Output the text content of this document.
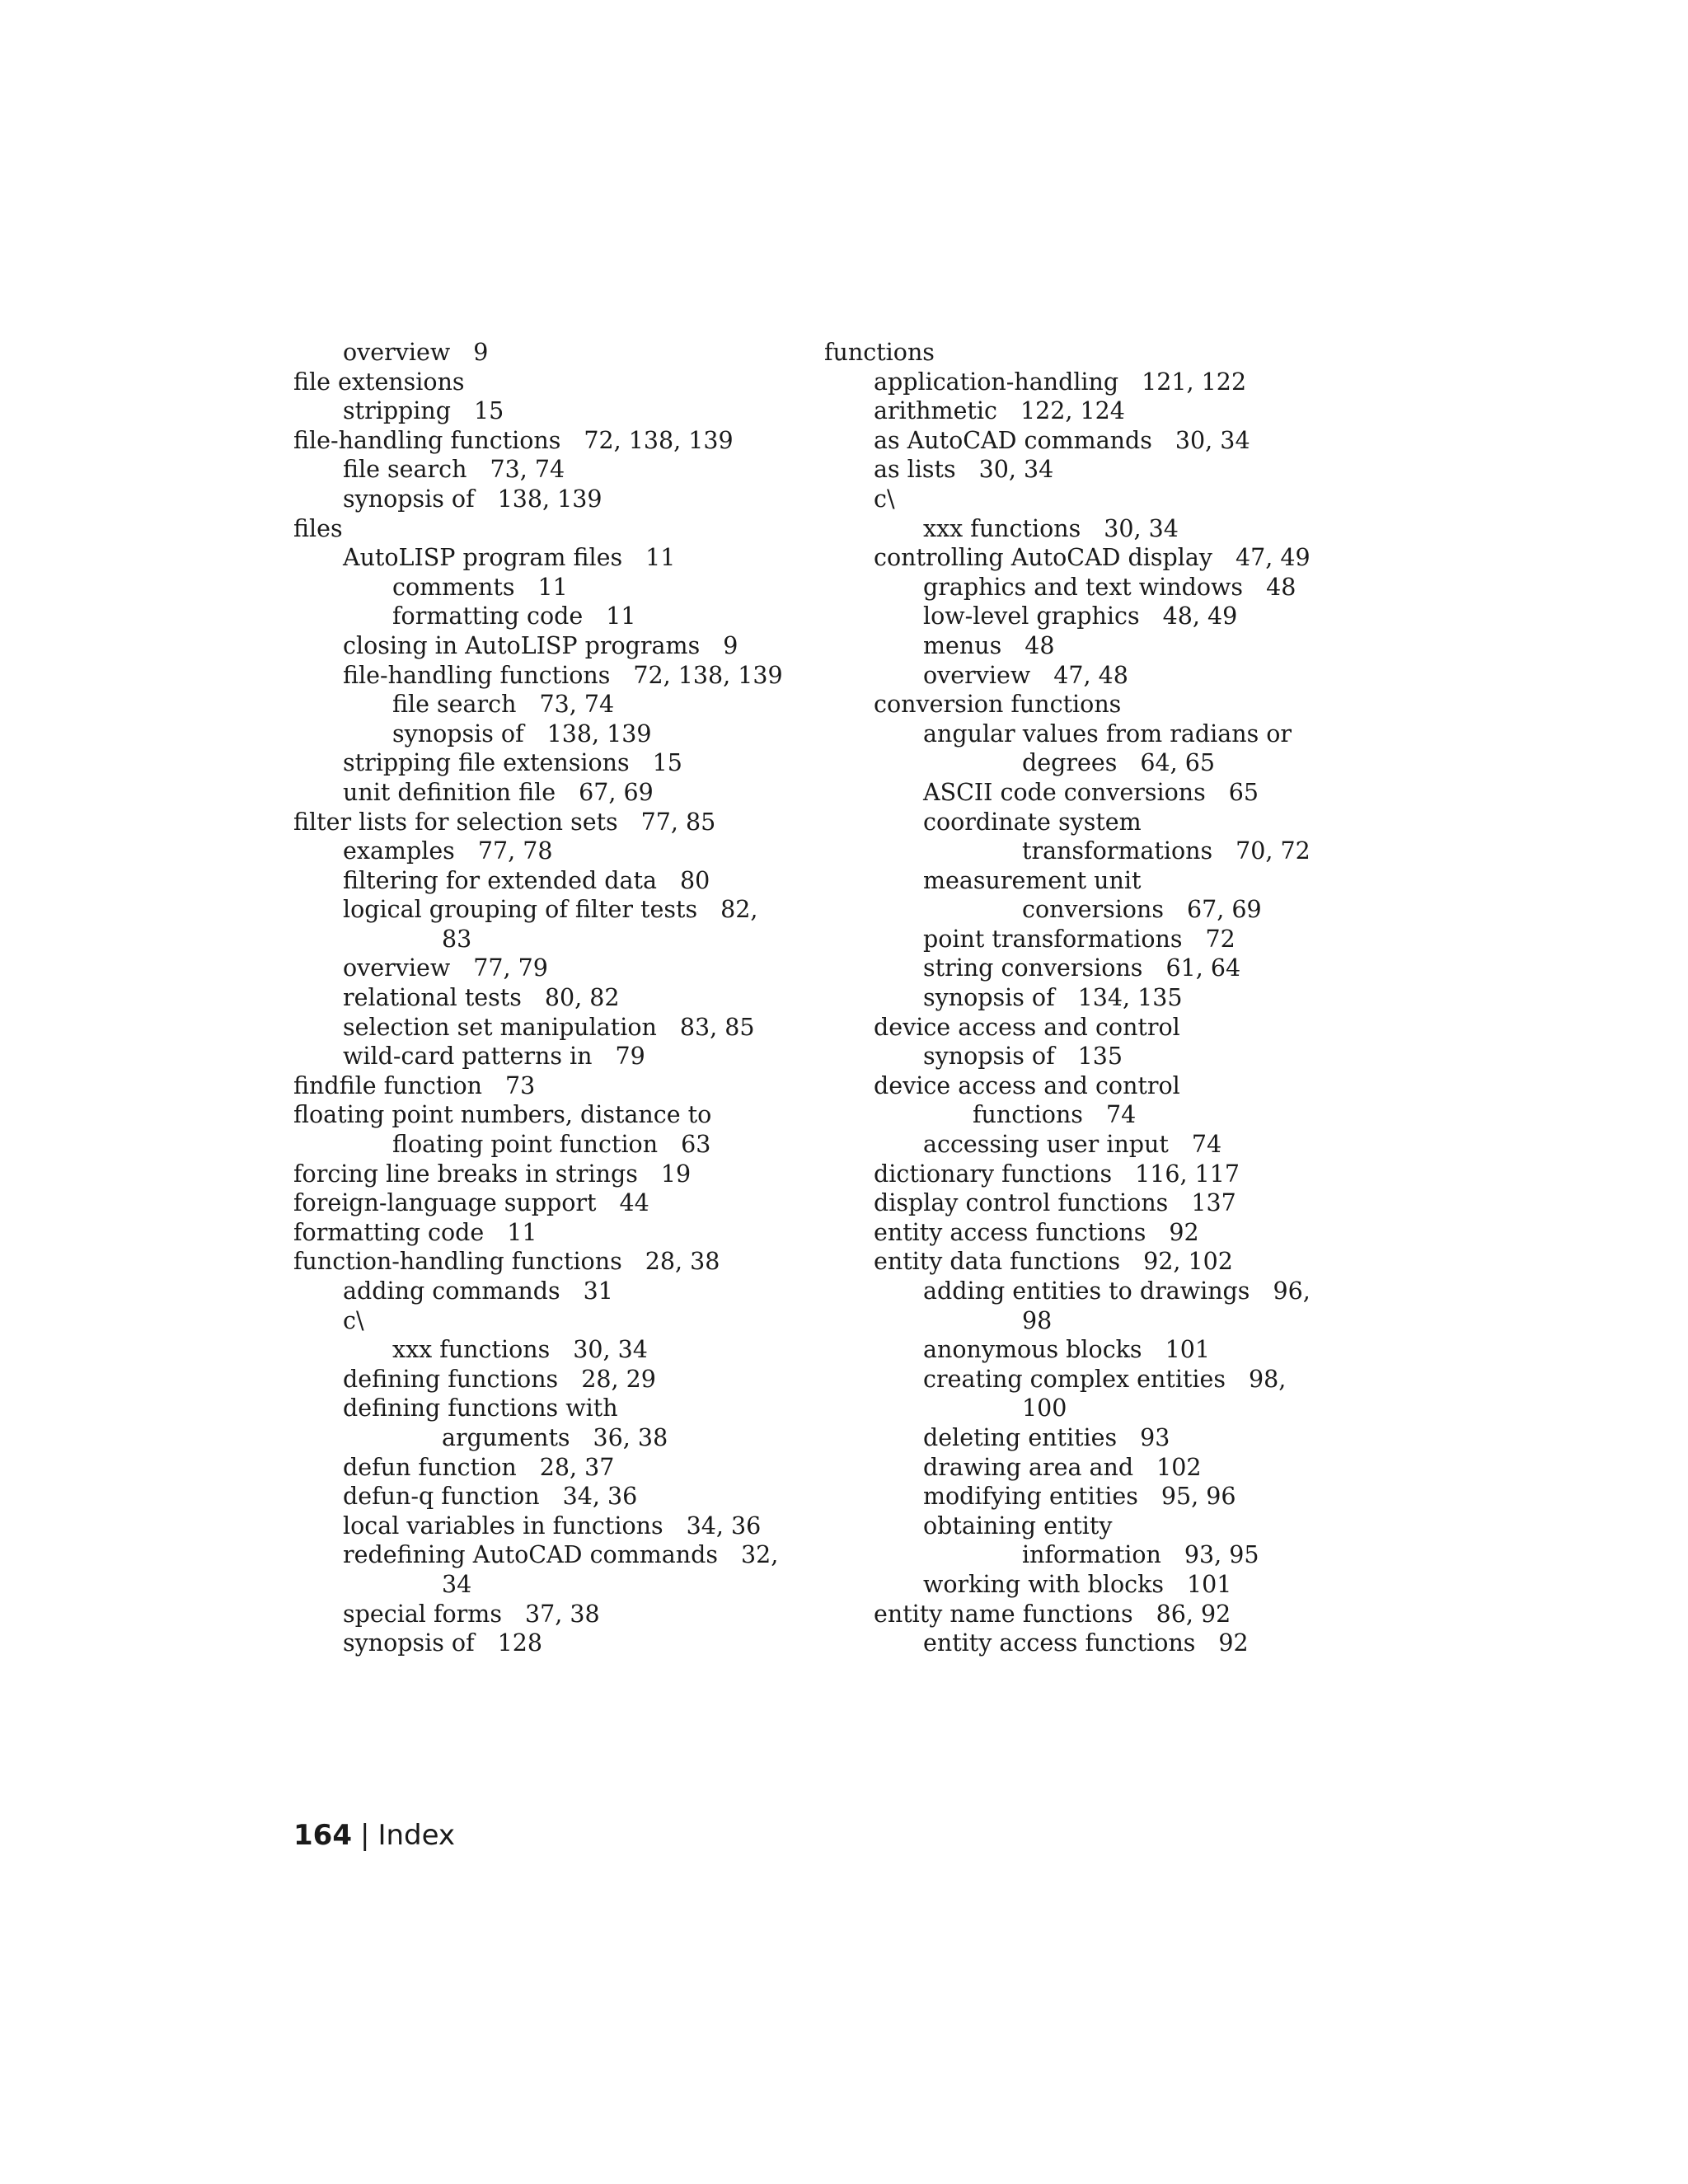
overview 9
file extensions
stripping 15
file-handling functions 72, 138, 139
file search 73, 74
synopsis of 138, 139
files
AutoLISP program files 11
comments 11
formatting code 11
closing in AutoLISP programs 9
file-handling functions 72, 138, 139
file search 73, 74
synopsis of 138, 139
stripping file extensions 15
unit definition file 67, 69
filter lists for selection sets 77, 85
examples 77, 78
filtering for extended data 80
logical grouping of filter tests 82,
83
overview 77, 79
relational tests 80, 82
selection set manipulation 83, 85
wild-card patterns in 79
findfile function 73
floating point numbers, distance to
floating point function 63
forcing line breaks in strings 19
foreign-language support 44
formatting code 11
function-handling functions 28, 38
adding commands 31
c\
xxx functions 30, 34
defining functions 28, 29
defining functions with
arguments 36, 38
defun function 28, 37
defun-q function 34, 36
local variables in functions 34, 36
redefining AutoCAD commands 32,
34
special forms 37, 38
synopsis of 128
functions
application-handling 121, 122
arithmetic 122, 124
as AutoCAD commands 30, 34
as lists 30, 34
c\
xxx functions 30, 34
controlling AutoCAD display 47, 49
graphics and text windows 48
low-level graphics 48, 49
menus 48
overview 47, 48
conversion functions
angular values from radians or
degrees 64, 65
ASCII code conversions 65
coordinate system
transformations 70, 72
measurement unit
conversions 67, 69
point transformations 72
string conversions 61, 64
synopsis of 134, 135
device access and control
synopsis of 135
device access and control
functions 74
accessing user input 74
dictionary functions 116, 117
display control functions 137
entity access functions 92
entity data functions 92, 102
adding entities to drawings 96,
98
anonymous blocks 101
creating complex entities 98,
100
deleting entities 93
drawing area and 102
modifying entities 95, 96
obtaining entity
information 93, 95
working with blocks 101
entity name functions 86, 92
entity access functions 92
164 | Index
